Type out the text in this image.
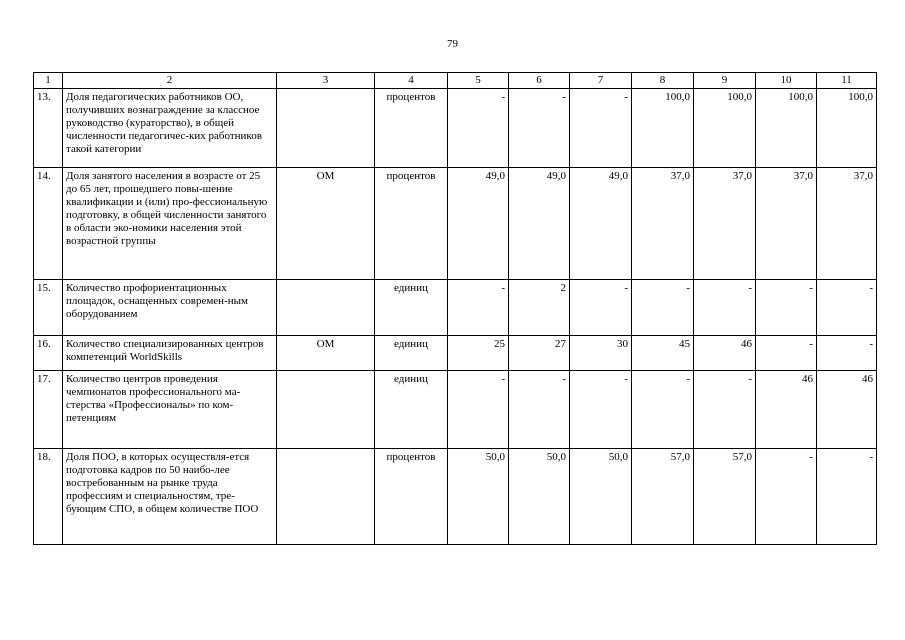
79
1	2	3	4	5	6	7	8	9	10	11
13.	Доля педагогических работников ОО, получивших вознаграждение за классное руководство (кураторство), в общей численности педагогичес-ких работников такой категории		процентов	-	-	-	100,0	100,0	100,0	100,0
14.	Доля занятого населения в возрасте от 25 до 65 лет, прошедшего повы-шение квалификации и (или) про-фессиональную подготовку, в общей численности занятого в области эко-номики населения этой возрастной группы	ОМ	процентов	49,0	49,0	49,0	37,0	37,0	37,0	37,0
15.	Количество профориентационных площадок, оснащенных современ-ным оборудованием		единиц	-	2	-	-	-	-	-
16.	Количество специализированных центров компетенций WorldSkills	ОМ	единиц	25	27	30	45	46	-	-
17.	Количество центров проведения чемпионатов профессионального ма-стерства «Профессионалы» по ком-петенциям		единиц	-	-	-	-	-	46	46
18.	Доля ПОО, в которых осуществля-ется подготовка кадров по 50 наибо-лее востребованным на рынке труда профессиям и специальностям, тре-бующим СПО, в общем количестве ПОО		процентов	50,0	50,0	50,0	57,0	57,0	-	-
